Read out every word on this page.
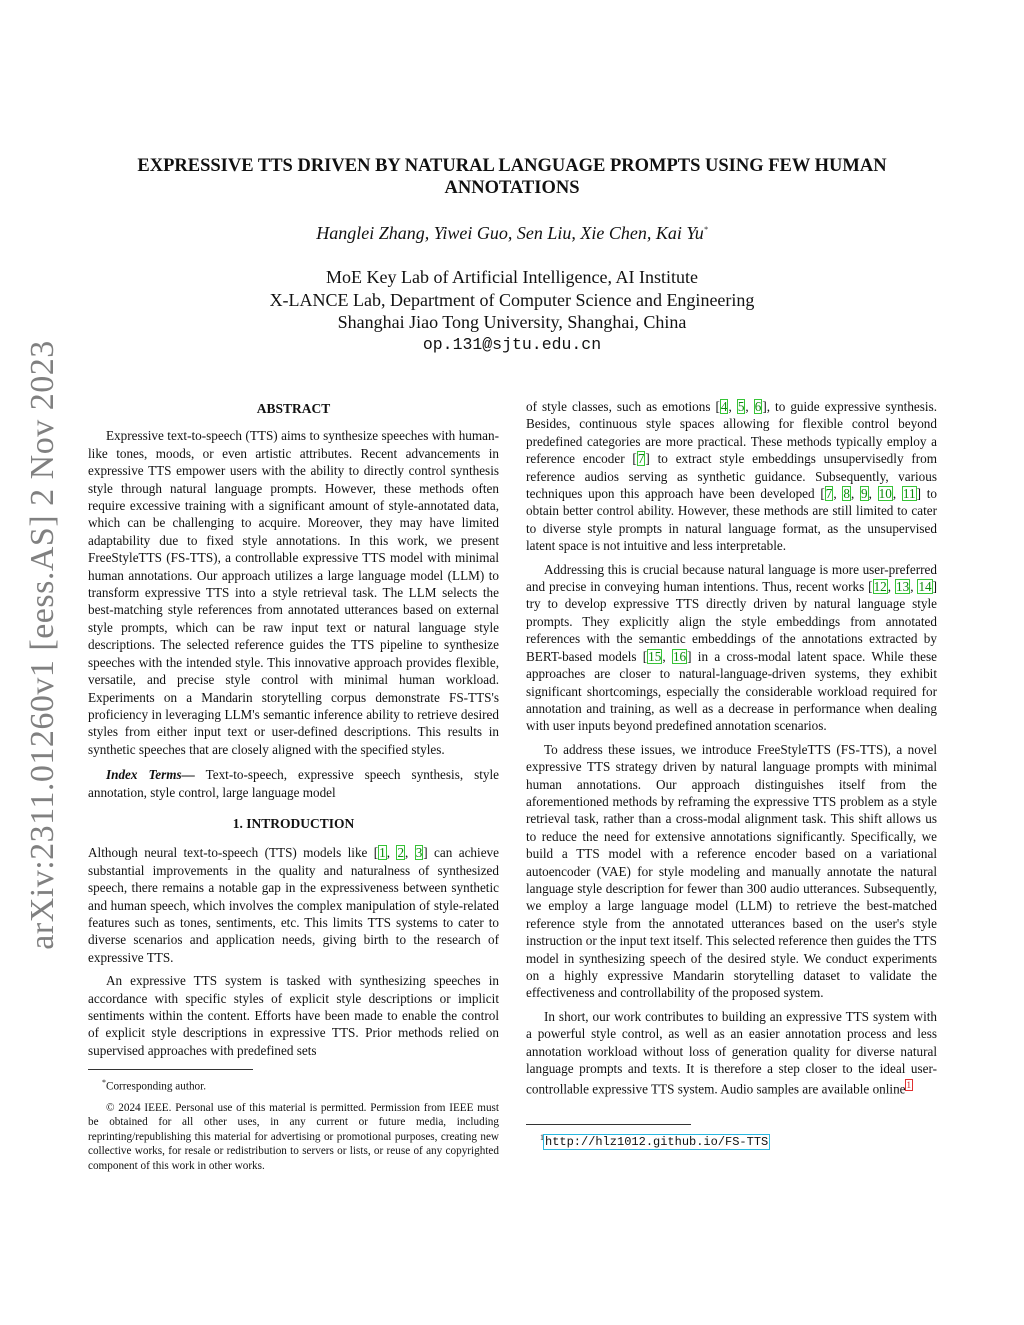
arXiv:2311.01260v1 [eess.AS] 2 Nov 2023
EXPRESSIVE TTS DRIVEN BY NATURAL LANGUAGE PROMPTS USING FEW HUMAN ANNOTATIONS
Hanglei Zhang, Yiwei Guo, Sen Liu, Xie Chen, Kai Yu*
MoE Key Lab of Artificial Intelligence, AI Institute
X-LANCE Lab, Department of Computer Science and Engineering
Shanghai Jiao Tong University, Shanghai, China
op.131@sjtu.edu.cn
ABSTRACT

Expressive text-to-speech (TTS) aims to synthesize speeches with human-like tones, moods, or even artistic attributes. Recent advancements in expressive TTS empower users with the ability to directly control synthesis style through natural language prompts. However, these methods often require excessive training with a significant amount of style-annotated data, which can be challenging to acquire. Moreover, they may have limited adaptability due to fixed style annotations. In this work, we present FreeStyleTTS (FS-TTS), a controllable expressive TTS model with minimal human annotations. Our approach utilizes a large language model (LLM) to transform expressive TTS into a style retrieval task. The LLM selects the best-matching style references from annotated utterances based on external style prompts, which can be raw input text or natural language style descriptions. The selected reference guides the TTS pipeline to synthesize speeches with the intended style. This innovative approach provides flexible, versatile, and precise style control with minimal human workload. Experiments on a Mandarin storytelling corpus demonstrate FS-TTS's proficiency in leveraging LLM's semantic inference ability to retrieve desired styles from either input text or user-defined descriptions. This results in synthetic speeches that are closely aligned with the specified styles.

Index Terms— Text-to-speech, expressive speech synthesis, style annotation, style control, large language model

1. INTRODUCTION

Although neural text-to-speech (TTS) models like [1, 2, 3] can achieve substantial improvements in the quality and naturalness of synthesized speech, there remains a notable gap in the expressiveness between synthetic and human speech, which involves the complex manipulation of style-related features such as tones, sentiments, etc. This limits TTS systems to cater to diverse scenarios and application needs, giving birth to the research of expressive TTS.

An expressive TTS system is tasked with synthesizing speeches in accordance with specific styles of explicit style descriptions or implicit sentiments within the content. Efforts have been made to enable the control of explicit style descriptions in expressive TTS. Prior methods relied on supervised approaches with predefined sets

*Corresponding author.

© 2024 IEEE. Personal use of this material is permitted. Permission from IEEE must be obtained for all other uses, in any current or future media, including reprinting/republishing this material for advertising or promotional purposes, creating new collective works, for resale or redistribution to servers or lists, or reuse of any copyrighted component of this work in other works.

of style classes, such as emotions [4, 5, 6], to guide expressive synthesis. Besides, continuous style spaces allowing for flexible control beyond predefined categories are more practical. These methods typically employ a reference encoder [7] to extract style embeddings unsupervisedly from reference audios serving as synthetic guidance. Subsequently, various techniques upon this approach have been developed [7, 8, 9, 10, 11] to obtain better control ability. However, these methods are still limited to cater to diverse style prompts in natural language format, as the unsupervised latent space is not intuitive and less interpretable.

Addressing this is crucial because natural language is more user-preferred and precise in conveying human intentions. Thus, recent works [12, 13, 14] try to develop expressive TTS directly driven by natural language style prompts. They explicitly align the style embeddings from annotated references with the semantic embeddings of the annotations extracted by BERT-based models [15, 16] in a cross-modal latent space. While these approaches are closer to natural-language-driven systems, they exhibit significant shortcomings, especially the considerable workload required for annotation and training, as well as a decrease in performance when dealing with user inputs beyond predefined annotation scenarios.

To address these issues, we introduce FreeStyleTTS (FS-TTS), a novel expressive TTS strategy driven by natural language prompts with minimal human annotations. Our approach distinguishes itself from the aforementioned methods by reframing the expressive TTS problem as a style retrieval task, rather than a cross-modal alignment task. This shift allows us to reduce the need for extensive annotations significantly. Specifically, we build a TTS model with a reference encoder based on a variational autoencoder (VAE) for style modeling and manually annotate the natural language style description for fewer than 300 audio utterances. Subsequently, we employ a large language model (LLM) to retrieve the best-matched reference style from the annotated utterances based on the user's style instruction or the input text itself. This selected reference then guides the TTS model in synthesizing speech of the desired style. We conduct experiments on a highly expressive Mandarin storytelling dataset to validate the effectiveness and controllability of the proposed system.

In short, our work contributes to building an expressive TTS system with a powerful style control, as well as an easier annotation process and less annotation workload without loss of generation quality for diverse natural language prompts and texts. It is therefore a step closer to the ideal user-controllable expressive TTS system. Audio samples are available online$^1$

$^1$http://hlz1012.github.io/FS-TTS
